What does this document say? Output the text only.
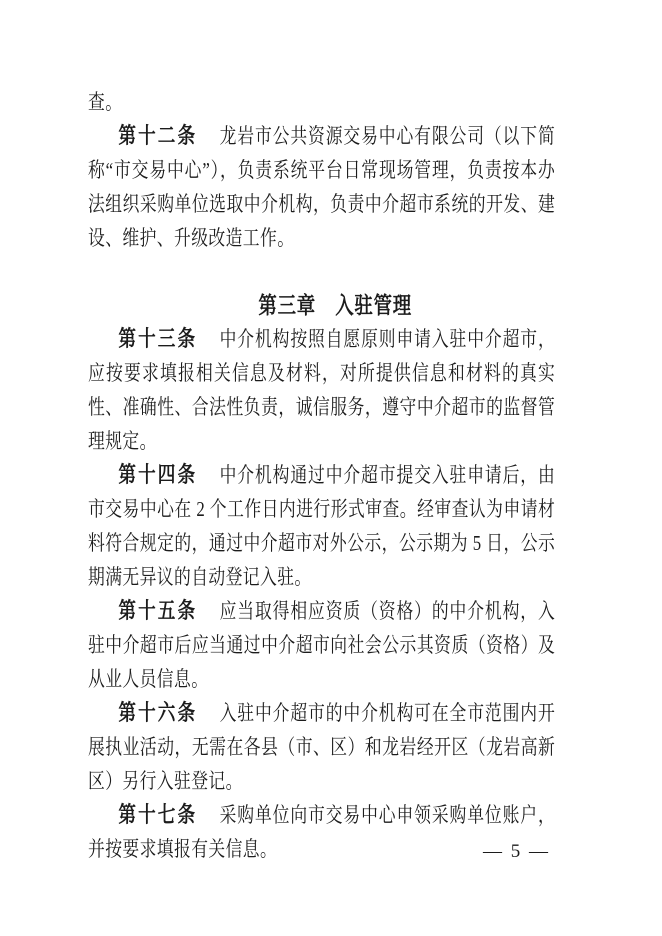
查。

第十二条 龙岩市公共资源交易中心有限公司（以下简称“市交易中心”），负责系统平台日常现场管理，负责按本办法组织采购单位选取中介机构，负责中介超市系统的开发、建设、维护、升级改造工作。

第三章　入驻管理

第十三条 中介机构按照自愿原则申请入驻中介超市，应按要求填报相关信息及材料，对所提供信息和材料的真实性、准确性、合法性负责，诚信服务，遵守中介超市的监督管理规定。

第十四条 中介机构通过中介超市提交入驻申请后，由市交易中心在 2 个工作日内进行形式审查。经审查认为申请材料符合规定的，通过中介超市对外公示，公示期为 5 日，公示期满无异议的自动登记入驻。

第十五条 应当取得相应资质（资格）的中介机构，入驻中介超市后应当通过中介超市向社会公示其资质（资格）及从业人员信息。

第十六条 入驻中介超市的中介机构可在全市范围内开展执业活动，无需在各县（市、区）和龙岩经开区（龙岩高新区）另行入驻登记。

第十七条 采购单位向市交易中心申领采购单位账户，并按要求填报有关信息。	— 5 —
